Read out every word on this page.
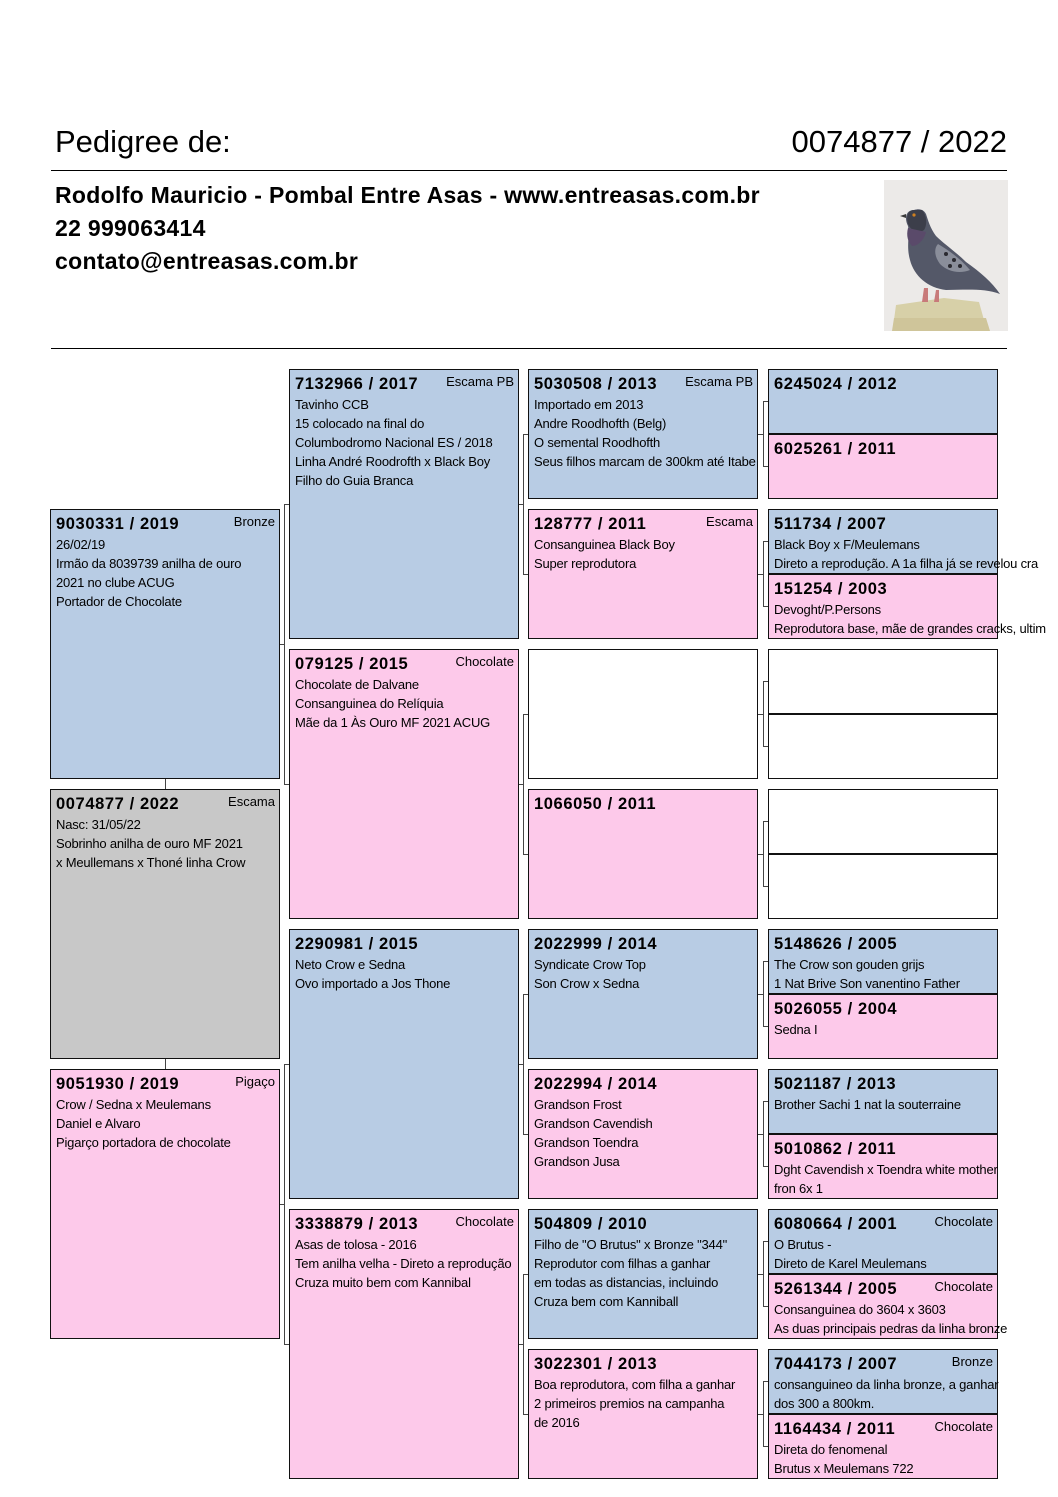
Pedigree de:	0074877 / 2022
Rodolfo Mauricio - Pombal Entre Asas - www.entreasas.com.br
22 999063414
contato@entreasas.com.br
0074877 / 2022	Escama
Nasc: 31/05/22
Sobrinho anilha de ouro MF 2021
x Meullemans x Thoné linha Crow
9030331 / 2019	Bronze
26/02/19
Irmão da 8039739 anilha de ouro
2021 no clube ACUG
Portador de Chocolate
9051930 / 2019	Pigaço
Crow / Sedna x Meulemans
Daniel e Alvaro
Pigarço portadora de chocolate
7132966 / 2017 Escama PB
Tavinho CCB
15 colocado na final do
Columbodromo Nacional ES / 2018
Linha André Roodrofth x Black Boy
Filho do Guia Branca
079125 / 2015	Chocolate
Chocolate de Dalvane
Consanguinea do Relíquia
Mãe da 1 Às Ouro MF 2021 ACUG
2290981 / 2015
Neto Crow e Sedna
Ovo importado a Jos Thone
3338879 / 2013	Chocolate
Asas de tolosa - 2016
Tem anilha velha - Direto a reprodução
Cruza muito bem com Kannibal
5030508 / 2013 Escama PB
Importado em 2013
Andre Roodhofth (Belg)
O semental Roodhofth
Seus filhos marcam de 300km até Itabe
128777 / 2011	Escama
Consanguinea Black Boy
Super reprodutora
1066050 / 2011
2022999 / 2014
Syndicate Crow Top
Son Crow x Sedna
2022994 / 2014
Grandson Frost
Grandson Cavendish
Grandson Toendra
Grandson Jusa
504809 / 2010
Filho de "O Brutus" x Bronze "344"
Reprodutor com filhas a ganhar
em todas as distancias, incluindo
Cruza bem com Kanniball
3022301 / 2013
Boa reprodutora, com filha a ganhar
2 primeiros premios na campanha
de 2016
6245024 / 2012
6025261 / 2011
511734 / 2007
Black Boy x F/Meulemans
Direto a reprodução. A 1a filha já se revelou cra
151254 / 2003
Devoght/P.Persons
Reprodutora base, mãe de grandes cracks, ultim
5148626 / 2005
The Crow son gouden grijs
1 Nat Brive Son vanentino Father
5026055 / 2004
Sedna I
5021187 / 2013
Brother Sachi 1 nat la souterraine
5010862 / 2011
Dght Cavendish x Toendra white mother
fron 6x 1
6080664 / 2001	Chocolate
O Brutus -
Direto de Karel Meulemans
5261344 / 2005	Chocolate
Consanguinea do 3604 x 3603
As duas principais pedras da linha bronze
7044173 / 2007	Bronze
consanguineo da linha bronze, a ganhar
dos 300 a 800km.
1164434 / 2011	Chocolate
Direta do fenomenal
Brutus x Meulemans 722
